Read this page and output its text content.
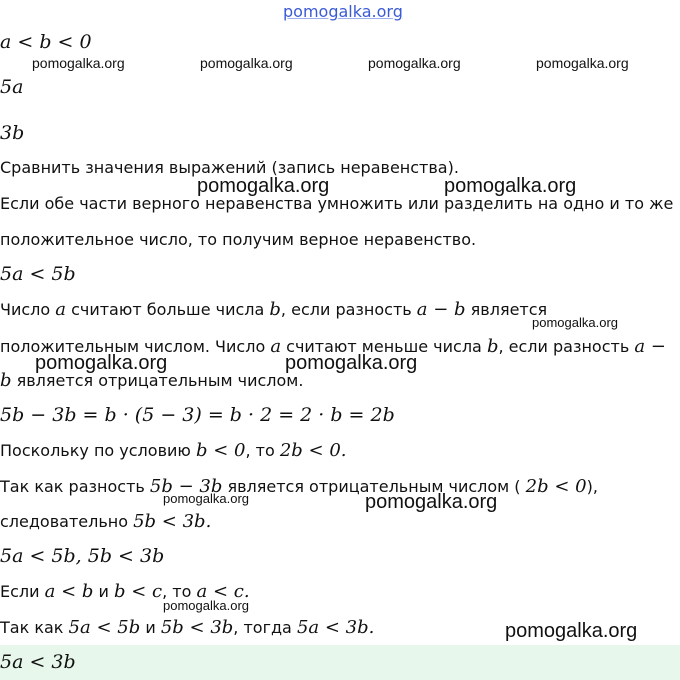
pomogalka.org
a < b < 0
pomogalka.org	pomogalka.org	pomogalka.org	pomogalka.org
5a
3b
Сравнить значения выражений (запись неравенства).
pomogalka.org	pomogalka.org
Если обе части верного неравенства умножить или разделить на одно и то же
положительное число, то получим верное неравенство.
5a < 5b
Число a считают больше числа b, если разность a − b является
pomogalka.org
положительным числом. Число a считают меньше числа b, если разность a −
pomogalka.org	pomogalka.org
b является отрицательным числом.
5b − 3b = b · (5 − 3) = b · 2 = 2 · b = 2b
Поскольку по условию b < 0, то 2b < 0.
Так как разность 5b − 3b является отрицательным числом ( 2b < 0),
pomogalka.org	pomogalka.org
следовательно 5b < 3b.
5a < 5b, 5b < 3b
Если a < b и b < c, то a < c.
pomogalka.org
Так как 5a < 5b и 5b < 3b, тогда 5a < 3b.	pomogalka.org
5a < 3b
